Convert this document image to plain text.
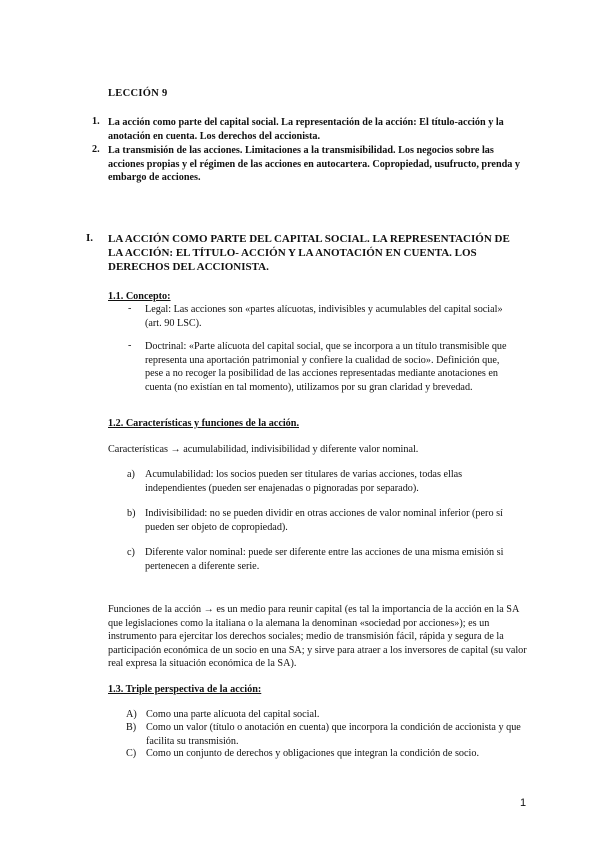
LECCIÓN 9
1. La acción como parte del capital social. La representación de la acción: El título-acción y la anotación en cuenta. Los derechos del accionista.
2. La transmisión de las acciones. Limitaciones a la transmisibilidad. Los negocios sobre las acciones propias y el régimen de las acciones en autocartera. Copropiedad, usufructo, prenda y embargo de acciones.
I. LA ACCIÓN COMO PARTE DEL CAPITAL SOCIAL. LA REPRESENTACIÓN DE LA ACCIÓN: EL TÍTULO- ACCIÓN Y LA ANOTACIÓN EN CUENTA. LOS DERECHOS DEL ACCIONISTA.
1.1. Concepto:
- Legal: Las acciones son «partes alícuotas, indivisibles y acumulables del capital social» (art. 90 LSC).
- Doctrinal: «Parte alícuota del capital social, que se incorpora a un título transmisible que representa una aportación patrimonial y confiere la cualidad de socio». Definición que, pese a no recoger la posibilidad de las acciones representadas mediante anotaciones en cuenta (no existían en tal momento), utilizamos por su gran claridad y brevedad.
1.2. Características y funciones de la acción.
Características → acumulabilidad, indivisibilidad y diferente valor nominal.
a) Acumulabilidad: los socios pueden ser titulares de varias acciones, todas ellas independientes (pueden ser enajenadas o pignoradas por separado).
b) Indivisibilidad: no se pueden dividir en otras acciones de valor nominal inferior (pero sí pueden ser objeto de copropiedad).
c) Diferente valor nominal: puede ser diferente entre las acciones de una misma emisión si pertenecen a diferente serie.
Funciones de la acción → es un medio para reunir capital (es tal la importancia de la acción en la SA que legislaciones como la italiana o la alemana la denominan «sociedad por acciones»); es un instrumento para ejercitar los derechos sociales; medio de transmisión fácil, rápida y segura de la participación económica de un socio en una SA; y sirve para atraer a los inversores de capital (su valor real expresa la situación económica de la SA).
1.3. Triple perspectiva de la acción:
A) Como una parte alícuota del capital social.
B) Como un valor (título o anotación en cuenta) que incorpora la condición de accionista y que facilita su transmisión.
C) Como un conjunto de derechos y obligaciones que integran la condición de socio.
1
